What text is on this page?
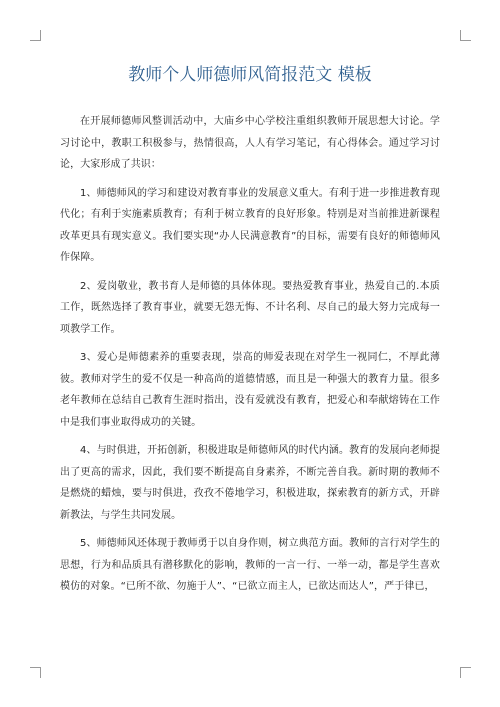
教师个人师德师风简报范文 模板

在开展师德师风整训活动中，大庙乡中心学校注重组织教师开展思想大讨论。学习讨论中，教职工积极参与，热情很高，人人有学习笔记，有心得体会。通过学习讨论，大家形成了共识：

1、师德师风的学习和建设对教育事业的发展意义重大。有利于进一步推进教育现代化；有利于实施素质教育；有利于树立教育的良好形象。特别是对当前推进新课程改革更具有现实意义。我们要实现“办人民满意教育”的目标，需要有良好的师德师风作保障。

2、爱岗敬业，教书育人是师德的具体体现。要热爱教育事业，热爱自己的.本质工作，既然选择了教育事业，就要无怨无悔、不计名利、尽自己的最大努力完成每一项教学工作。

3、爱心是师德素养的重要表现，崇高的师爱表现在对学生一视同仁，不厚此薄彼。教师对学生的爱不仅是一种高尚的道德情感，而且是一种强大的教育力量。很多老年教师在总结自己教育生涯时指出，没有爱就没有教育，把爱心和奉献熔铸在工作中是我们事业取得成功的关键。

4、与时俱进，开拓创新，积极进取是师德师风的时代内涵。教育的发展向老师提出了更高的需求，因此，我们要不断提高自身素养，不断完善自我。新时期的教师不是燃烧的蜡烛，要与时俱进，孜孜不倦地学习，积极进取，探索教育的新方式，开辟新教法，与学生共同发展。

5、师德师风还体现于教师勇于以自身作则，树立典范方面。教师的言行对学生的思想，行为和品质具有潜移默化的影响，教师的一言一行、一举一动，都是学生喜欢模仿的对象。“已所不欲、勿施于人”、“已欲立而主人，已欲达而达人”，严于律已，
